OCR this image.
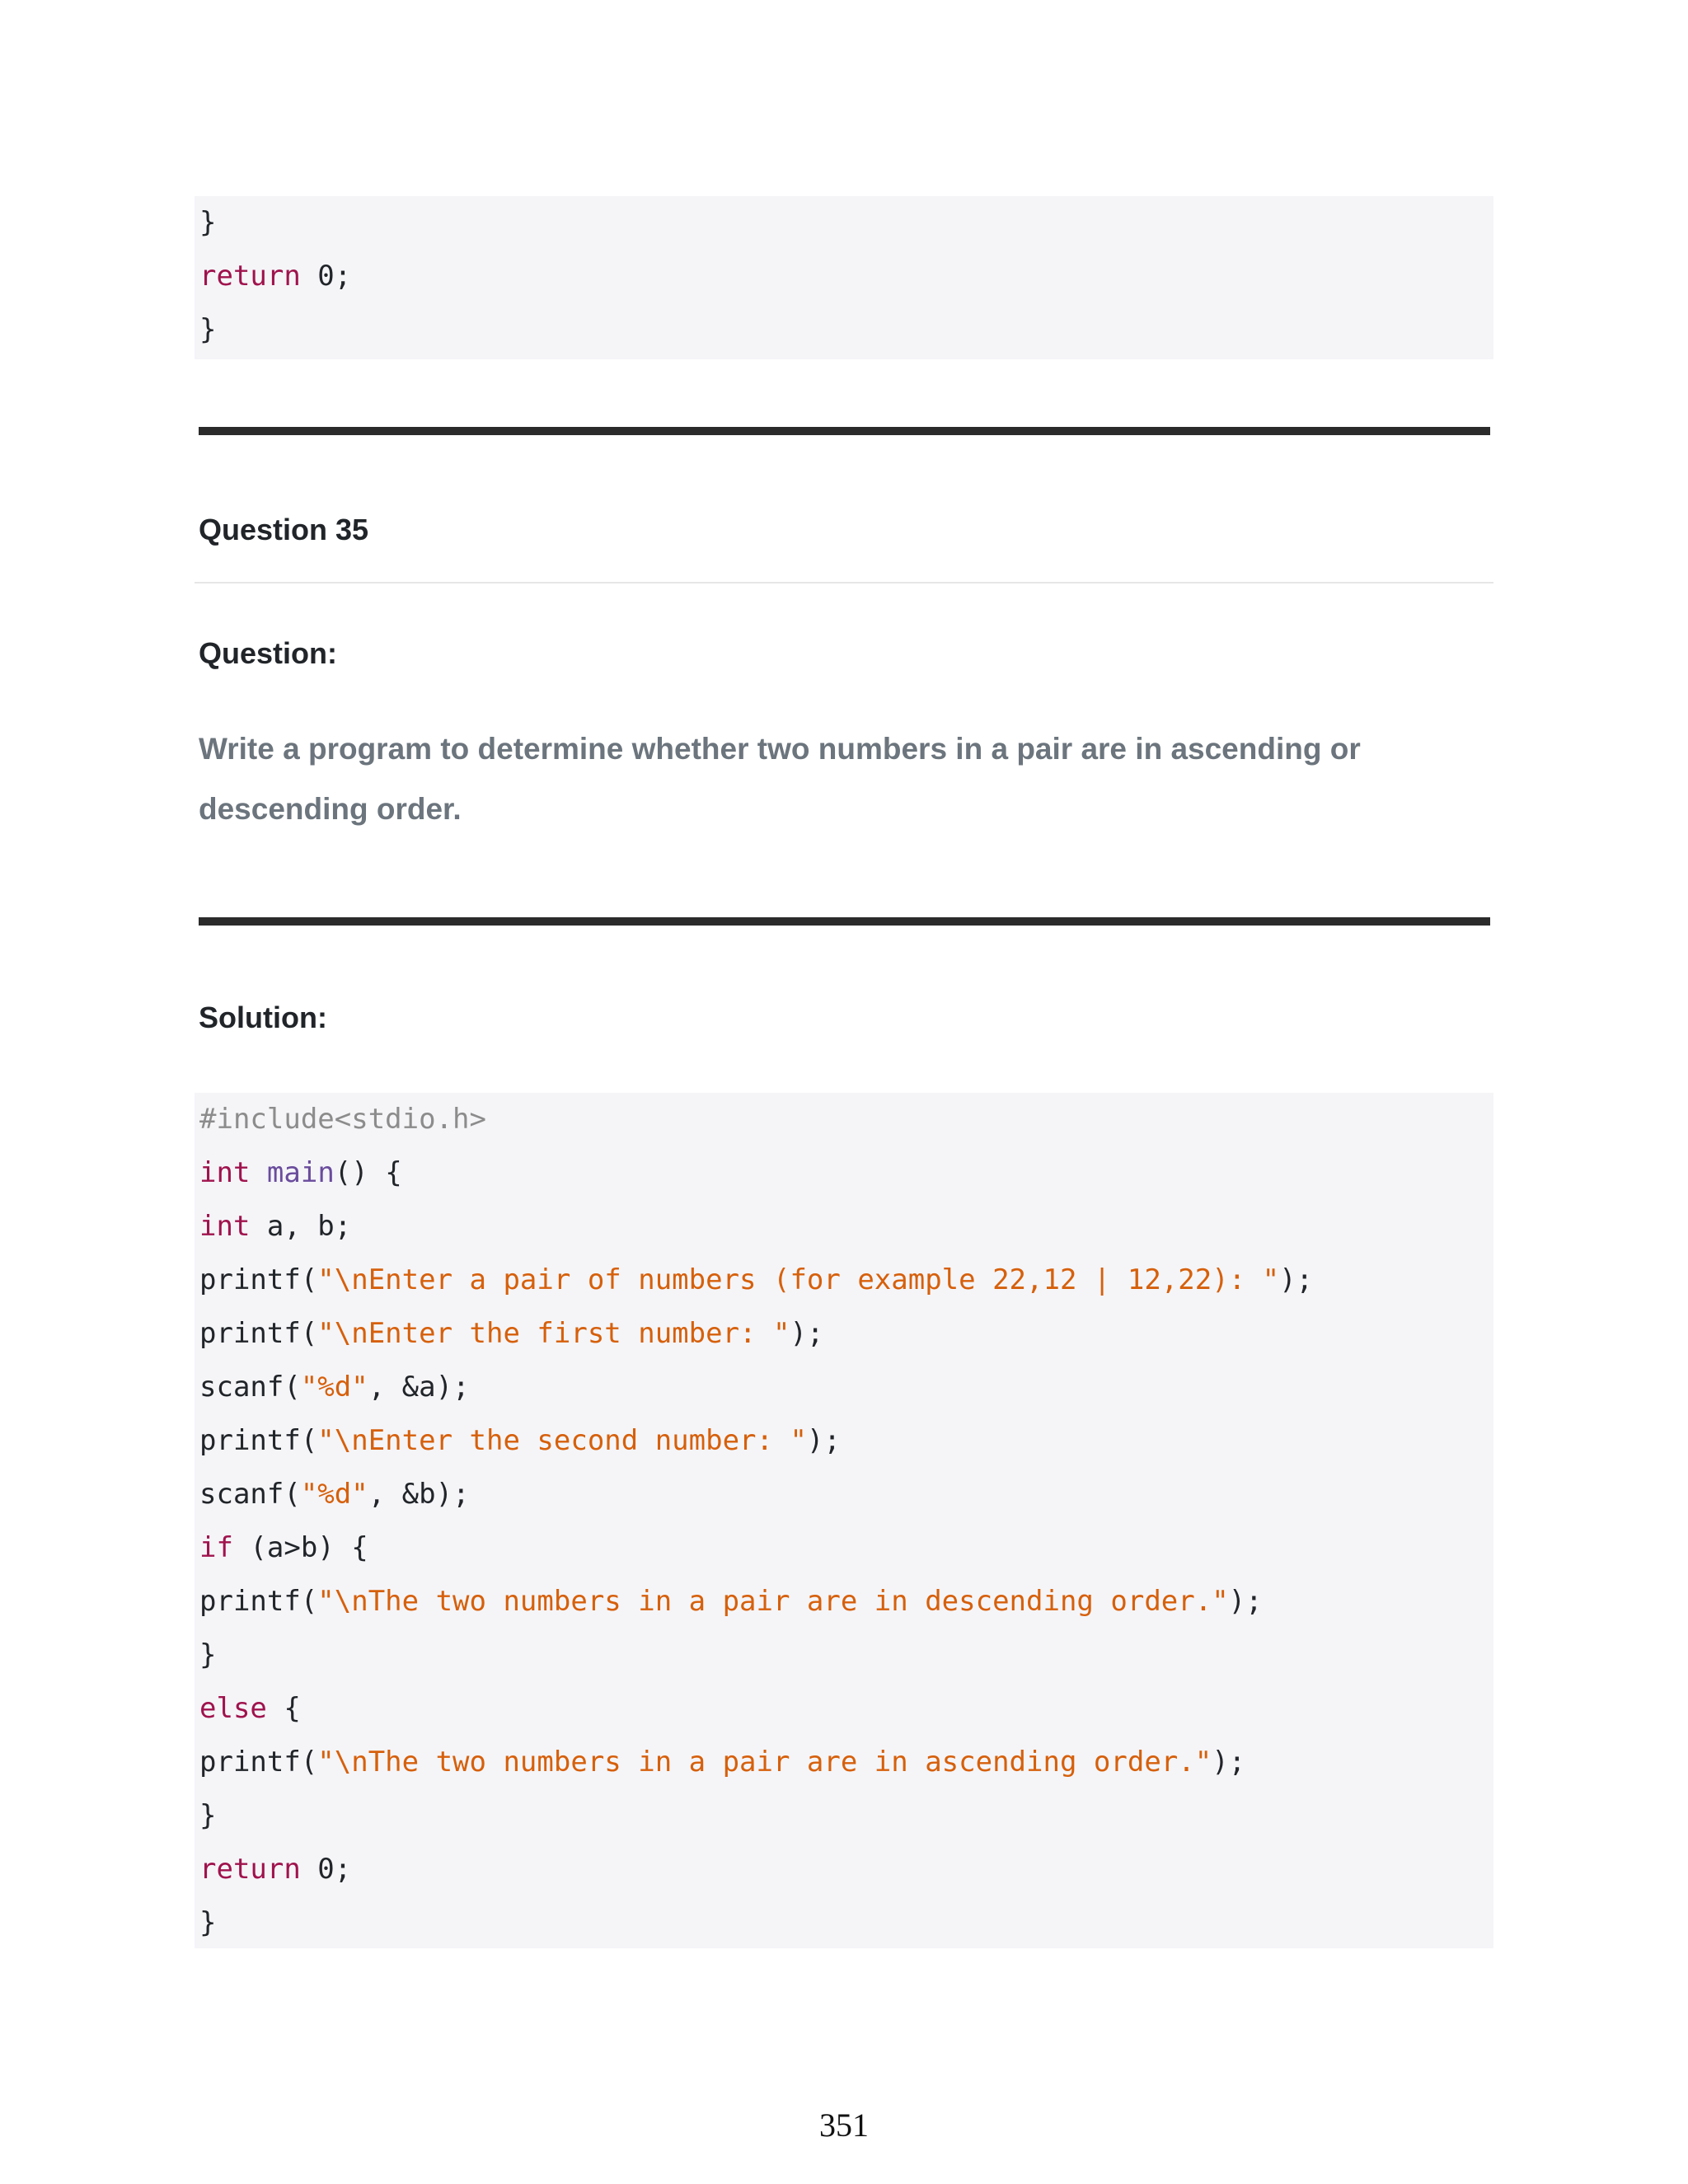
}
return 0;
}
Question 35
Question:
Write a program to determine whether two numbers in a pair are in ascending or descending order.
Solution:
#include<stdio.h>
int main() {
int a, b;
printf("\nEnter a pair of numbers (for example 22,12 | 12,22): ");
printf("\nEnter the first number: ");
scanf("%d", &a);
printf("\nEnter the second number: ");
scanf("%d", &b);
if (a>b) {
printf("\nThe two numbers in a pair are in descending order.");
}
else {
printf("\nThe two numbers in a pair are in ascending order.");
}
return 0;
}
351
